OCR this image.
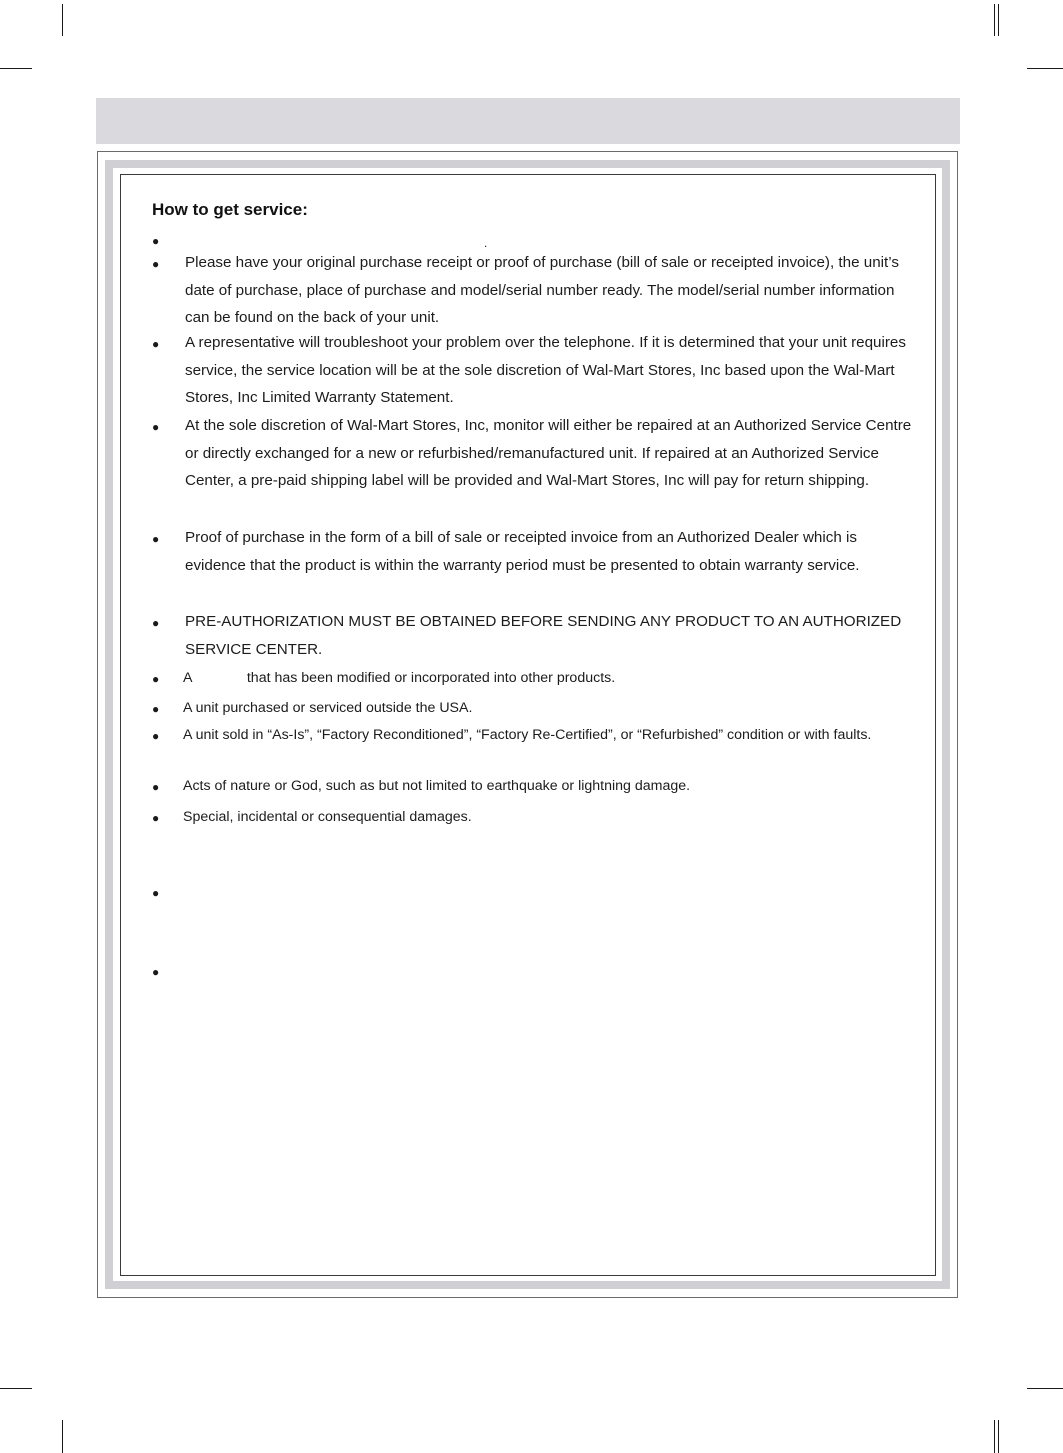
How to get service:
●	.
●
●
●
●
●
●
●
●
●
●
●
●

Please have your original purchase receipt or proof of purchase (bill of sale or receipted invoice), the unit’s date of purchase, place of purchase and model/serial number ready. The model/serial number information can be found on the back of your unit.

A representative will troubleshoot your problem over the telephone. If it is determined that your unit requires service, the service location will be at the sole discretion of Wal-Mart Stores, Inc based upon the Wal-Mart Stores, Inc Limited Warranty Statement.

At the sole discretion of Wal-Mart Stores, Inc, monitor will either be repaired at an Authorized Service Centre or directly exchanged for a new or refurbished/remanufactured unit. If repaired at an Authorized Service Center, a pre-paid shipping label will be provided and Wal-Mart Stores, Inc will pay for return shipping.

Proof of purchase in the form of a bill of sale or receipted invoice from an Authorized Dealer which is evidence that the product is within the warranty period must be presented to obtain warranty service.

PRE-AUTHORIZATION MUST BE OBTAINED BEFORE SENDING ANY PRODUCT TO AN AUTHORIZED SERVICE CENTER.

A              that has been modified or incorporated into other products.

A unit purchased or serviced outside the USA.

A unit sold in “As-Is”, “Factory Reconditioned”, “Factory Re-Certified”, or “Refurbished” condition or with faults.

Acts of nature or God, such as but not limited to earthquake or lightning damage.

Special, incidental or consequential damages.
